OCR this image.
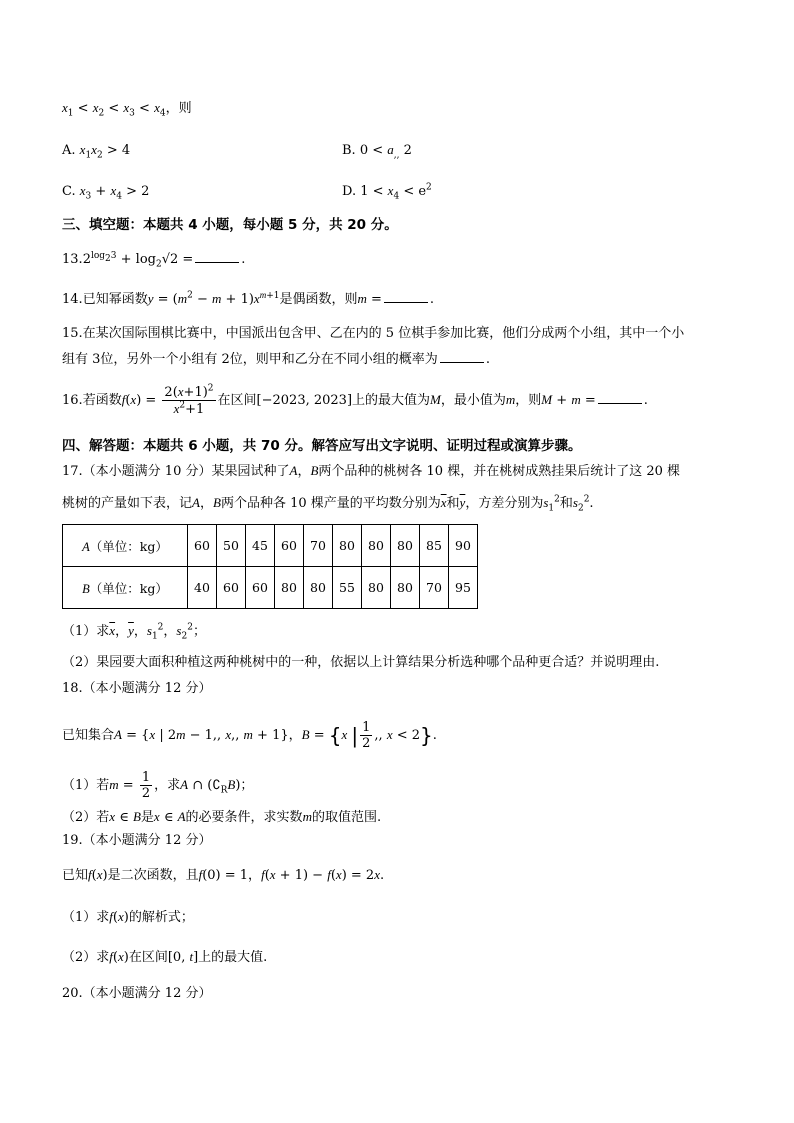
$x_1 < x_2 < x_3 < x_4$，则
A. $x_1x_2 > 4$	B. $0 < a_{,,}$ 2
C. $x_3 + x_4 > 2$	D. $1 < x_4 < e^2$
三、填空题：本题共 4 小题，每小题 5 分，共 20 分。
$13.2^{log_23} + \log_2√2$ =	.
14.已知幂函数$y = (m^2 - m + 1)x^{m+1}$是偶函数，则m =	.
15.在某次国际围棋比赛中，中国派出包含甲、乙在内的 5 位棋手参加比赛，他们分成两个小组，其中一个小
组有 3位，另外一个小组有 2位，则甲和乙分在不同小组的概率为	.
16.若函数$f(x) = \frac{2(x+1)^2}{x^2+1}$ 在区间[−2023, 2023]上的最大值为M，最小值为m，则M + m =	.
四、解答题：本题共 6 小题，共 70 分。解答应写出文字说明、证明过程或演算步骤。
17.（本小题满分 10 分）某果园试种了A，B两个品种的桃树各 10 棵，并在桃树成熟挂果后统计了这 20 棵
桃树的产量如下表，记A，B两个品种各 10 棵产量的平均数分别为$\overline{x}$和$\overline{y}$，方差分别为$s_1^2$和$s_2^2$.
A（单位：kg）	60	50	45	60	70	80	80	80	85	90
B（单位：kg）	40	60	60	80	80	55	80	80	70	95
（1）求$\overline{x}$，$\overline{y}$，$s_1^2$，$s_2^2$；
（2）果园要大面积种植这两种桃树中的一种，依据以上计算结果分析选种哪个品种更合适？并说明理由.
18.（本小题满分 12 分）
已知集合A = {x | 2m − 1,, x,, m + 1}，B = {x | $\frac{1}{2}$ ,, x < 2}.
（1）若$m = \frac{1}{2}$ ，求A ∩ $(∁_RB)$；
（2）若x ∈ B是x ∈ A的必要条件，求实数m的取值范围.
19.（本小题满分 12 分）
已知f(x)是二次函数，且f(0) = 1，f(x + 1) − f(x) = 2x.
（1）求f(x)的解析式；
（2）求f(x)在区间[0, t]上的最大值.
20.（本小题满分 12 分）
